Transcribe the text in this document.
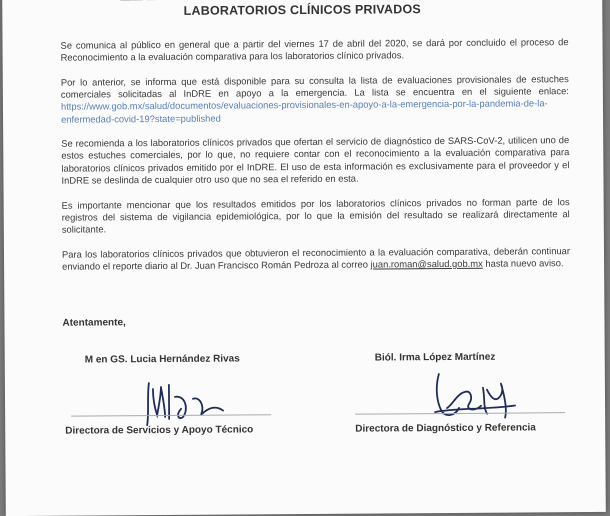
LABORATORIOS CLÍNICOS PRIVADOS

Se comunica al público en general que a partir del viernes 17 de abril del 2020, se dará por concluido el proceso de Reconocimiento a la evaluación comparativa para los laboratorios clínico privados.

Por lo anterior, se informa que está disponible para su consulta la lista de evaluaciones provisionales de estuches comerciales solicitadas al InDRE en apoyo a la emergencia. La lista se encuentra en el siguiente enlace: https://www.gob.mx/salud/documentos/evaluaciones-provisionales-en-apoyo-a-la-emergencia-por-la-pandemia-de-la-enfermedad-covid-19?state=published

Se recomienda a los laboratorios clínicos privados que ofertan el servicio de diagnóstico de SARS-CoV-2, utilicen uno de estos estuches comerciales, por lo que, no requiere contar con el reconocimiento a la evaluación comparativa para laboratorios clínicos privados emitido por el InDRE. El uso de esta información es exclusivamente para el proveedor y el InDRE se deslinda de cualquier otro uso que no sea el referido en esta.

Es importante mencionar que los resultados emitidos por los laboratorios clínicos privados no forman parte de los registros del sistema de vigilancia epidemiológica, por lo que la emisión del resultado se realizará directamente al solicitante.

Para los laboratorios clínicos privados que obtuvieron el reconocimiento a la evaluación comparativa, deberán continuar enviando el reporte diario al Dr. Juan Francisco Román Pedroza al correo juan.roman@salud.gob.mx hasta nuevo aviso.

Atentamente,
M en GS. Lucia Hernández Rivas	Biól. Irma López Martínez
Directora de Servicios y Apoyo Técnico	Directora de Diagnóstico y Referencia
